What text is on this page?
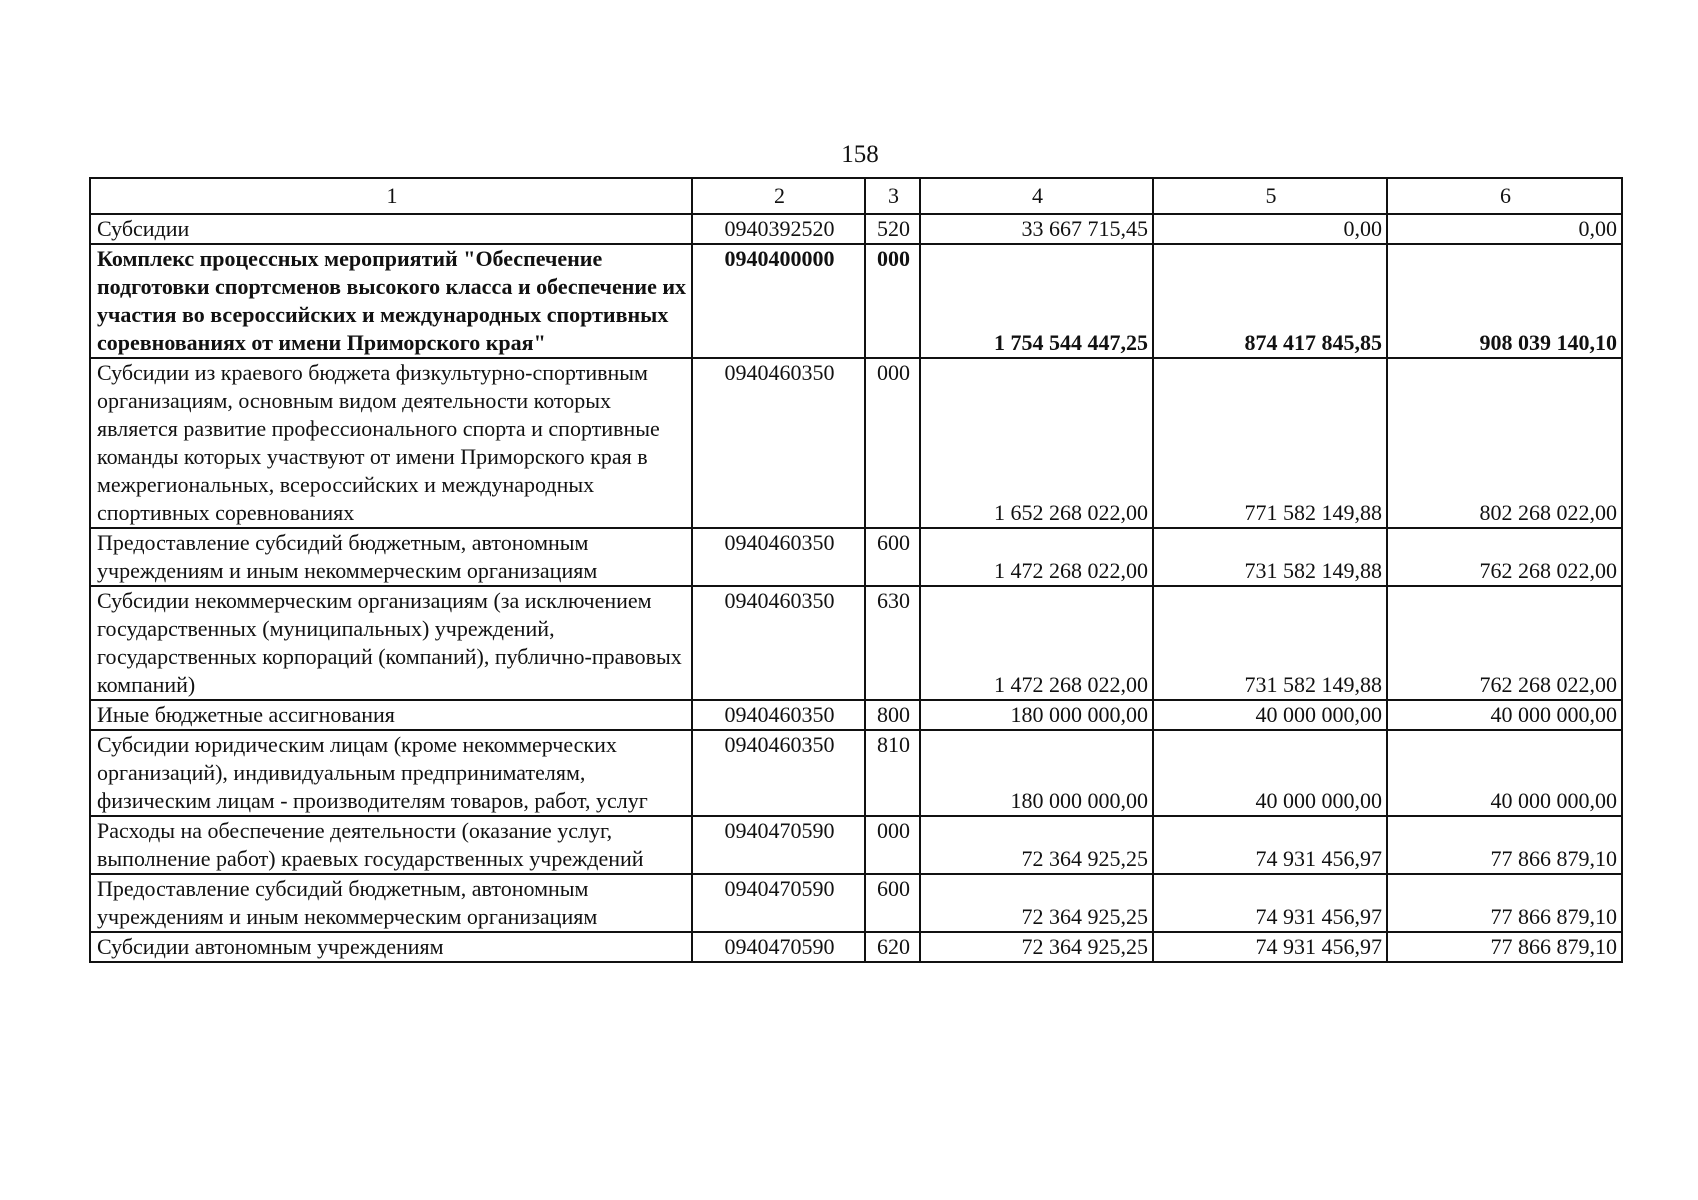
158
1	2	3	4	5	6
Субсидии	0940392520	520	33 667 715,45	0,00	0,00
Комплекс процессных мероприятий "Обеспечение подготовки спортсменов высокого класса и обеспечение их участия во всероссийских и международных спортивных соревнованиях от имени Приморского края"	0940400000	000	1 754 544 447,25	874 417 845,85	908 039 140,10
Субсидии из краевого бюджета физкультурно-спортивным организациям, основным видом деятельности которых является развитие профессионального спорта и спортивные команды которых участвуют от имени Приморского края в межрегиональных, всероссийских и международных спортивных соревнованиях	0940460350	000	1 652 268 022,00	771 582 149,88	802 268 022,00
Предоставление субсидий бюджетным, автономным учреждениям и иным некоммерческим организациям	0940460350	600	1 472 268 022,00	731 582 149,88	762 268 022,00
Субсидии некоммерческим организациям (за исключением государственных (муниципальных) учреждений, государственных корпораций (компаний), публично-правовых компаний)	0940460350	630	1 472 268 022,00	731 582 149,88	762 268 022,00
Иные бюджетные ассигнования	0940460350	800	180 000 000,00	40 000 000,00	40 000 000,00
Субсидии юридическим лицам (кроме некоммерческих организаций), индивидуальным предпринимателям, физическим лицам - производителям товаров, работ, услуг	0940460350	810	180 000 000,00	40 000 000,00	40 000 000,00
Расходы на обеспечение деятельности (оказание услуг, выполнение работ) краевых государственных учреждений	0940470590	000	72 364 925,25	74 931 456,97	77 866 879,10
Предоставление субсидий бюджетным, автономным учреждениям и иным некоммерческим организациям	0940470590	600	72 364 925,25	74 931 456,97	77 866 879,10
Субсидии автономным учреждениям	0940470590	620	72 364 925,25	74 931 456,97	77 866 879,10
